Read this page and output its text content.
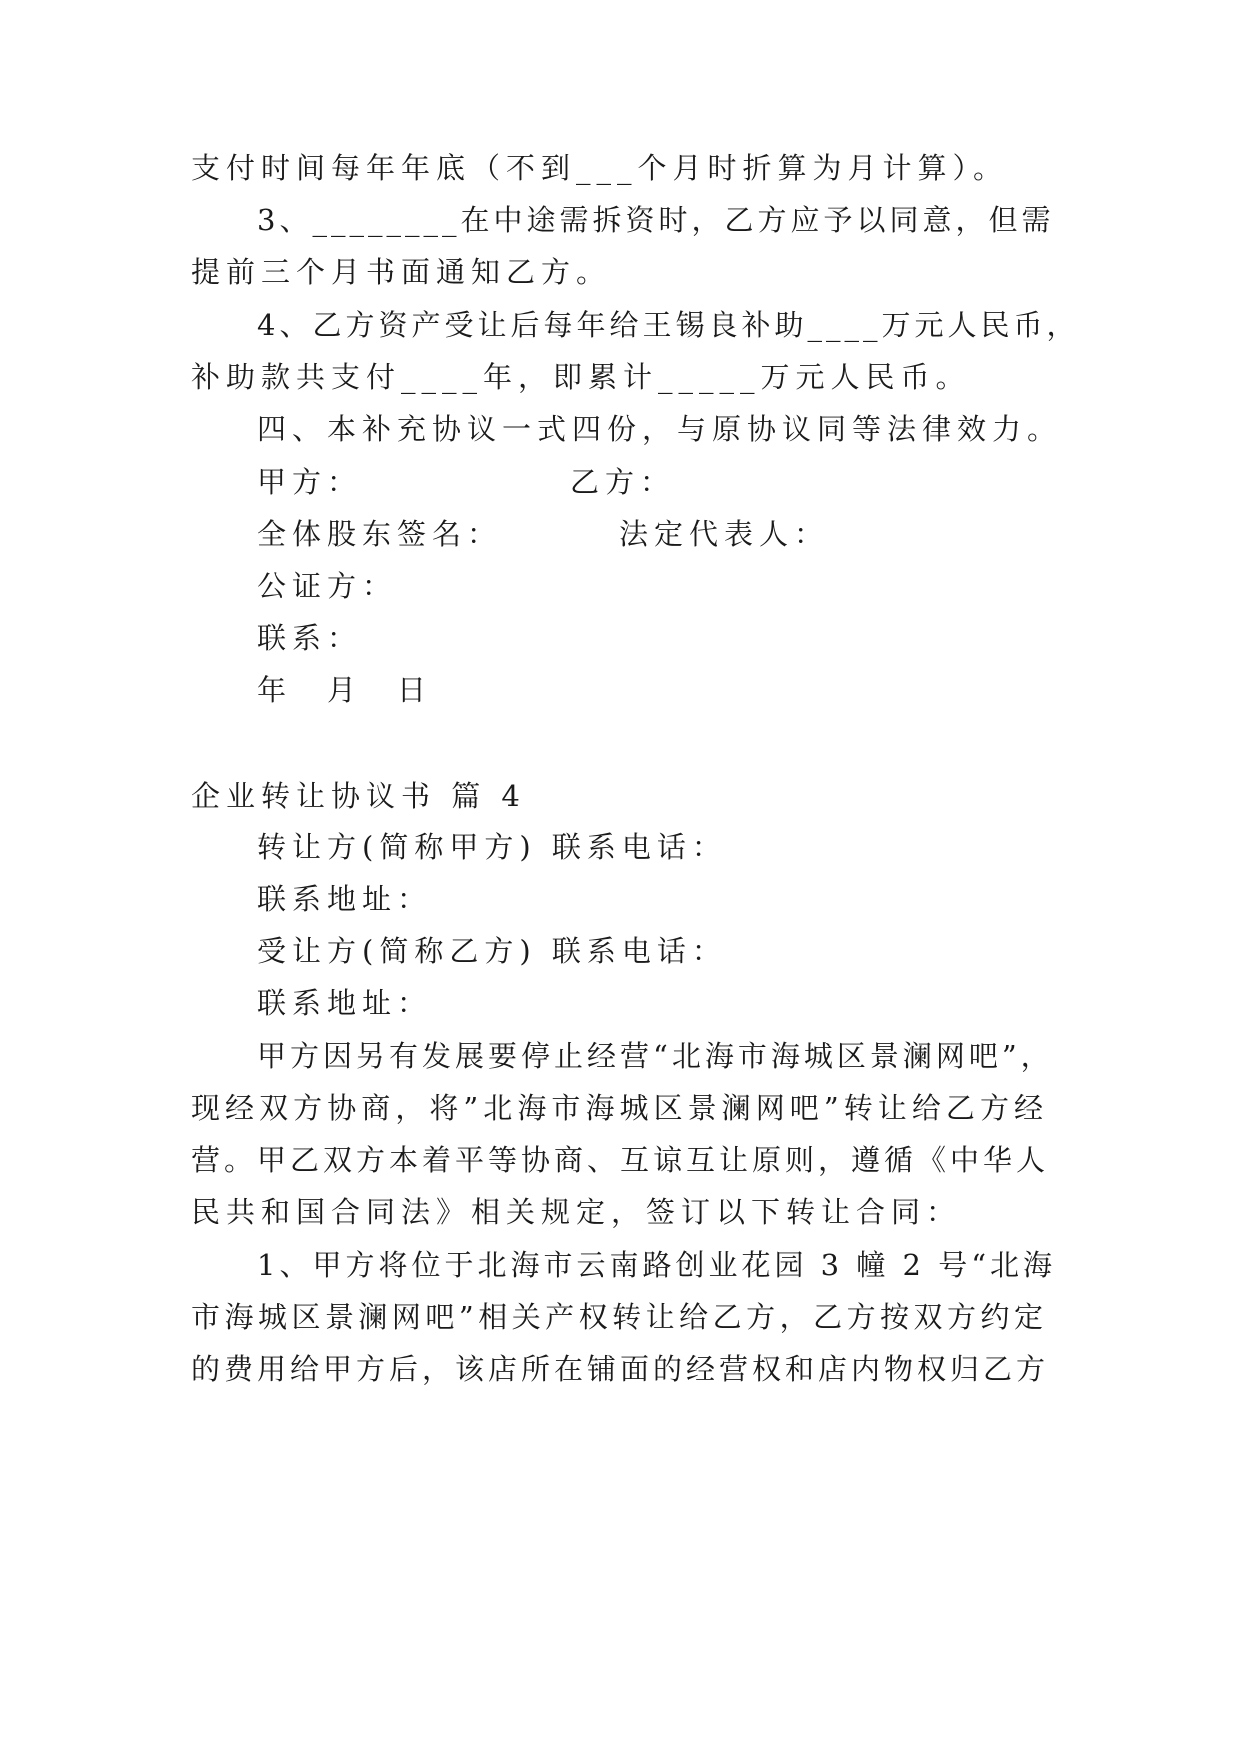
支付时间每年年底（不到___个月时折算为月计算）。
3、________在中途需拆资时，乙方应予以同意，但需
提前三个月书面通知乙方。
4、乙方资产受让后每年给王锡良补助____万元人民币，
补助款共支付____年，即累计_____万元人民币。
四、本补充协议一式四份，与原协议同等法律效力。
甲方：	乙方：
全体股东签名：	法定代表人：
公证方：
联系：
年　月　日
企业转让协议书 篇 4
转让方(简称甲方) 联系电话：
联系地址：
受让方(简称乙方) 联系电话：
联系地址：
甲方因另有发展要停止经营“北海市海城区景澜网吧”，
现经双方协商，将”北海市海城区景澜网吧”转让给乙方经
营。甲乙双方本着平等协商、互谅互让原则，遵循《中华人
民共和国合同法》相关规定，签订以下转让合同：
1、甲方将位于北海市云南路创业花园 3 幢 2 号“北海
市海城区景澜网吧”相关产权转让给乙方，乙方按双方约定
的费用给甲方后，该店所在铺面的经营权和店内物权归乙方
